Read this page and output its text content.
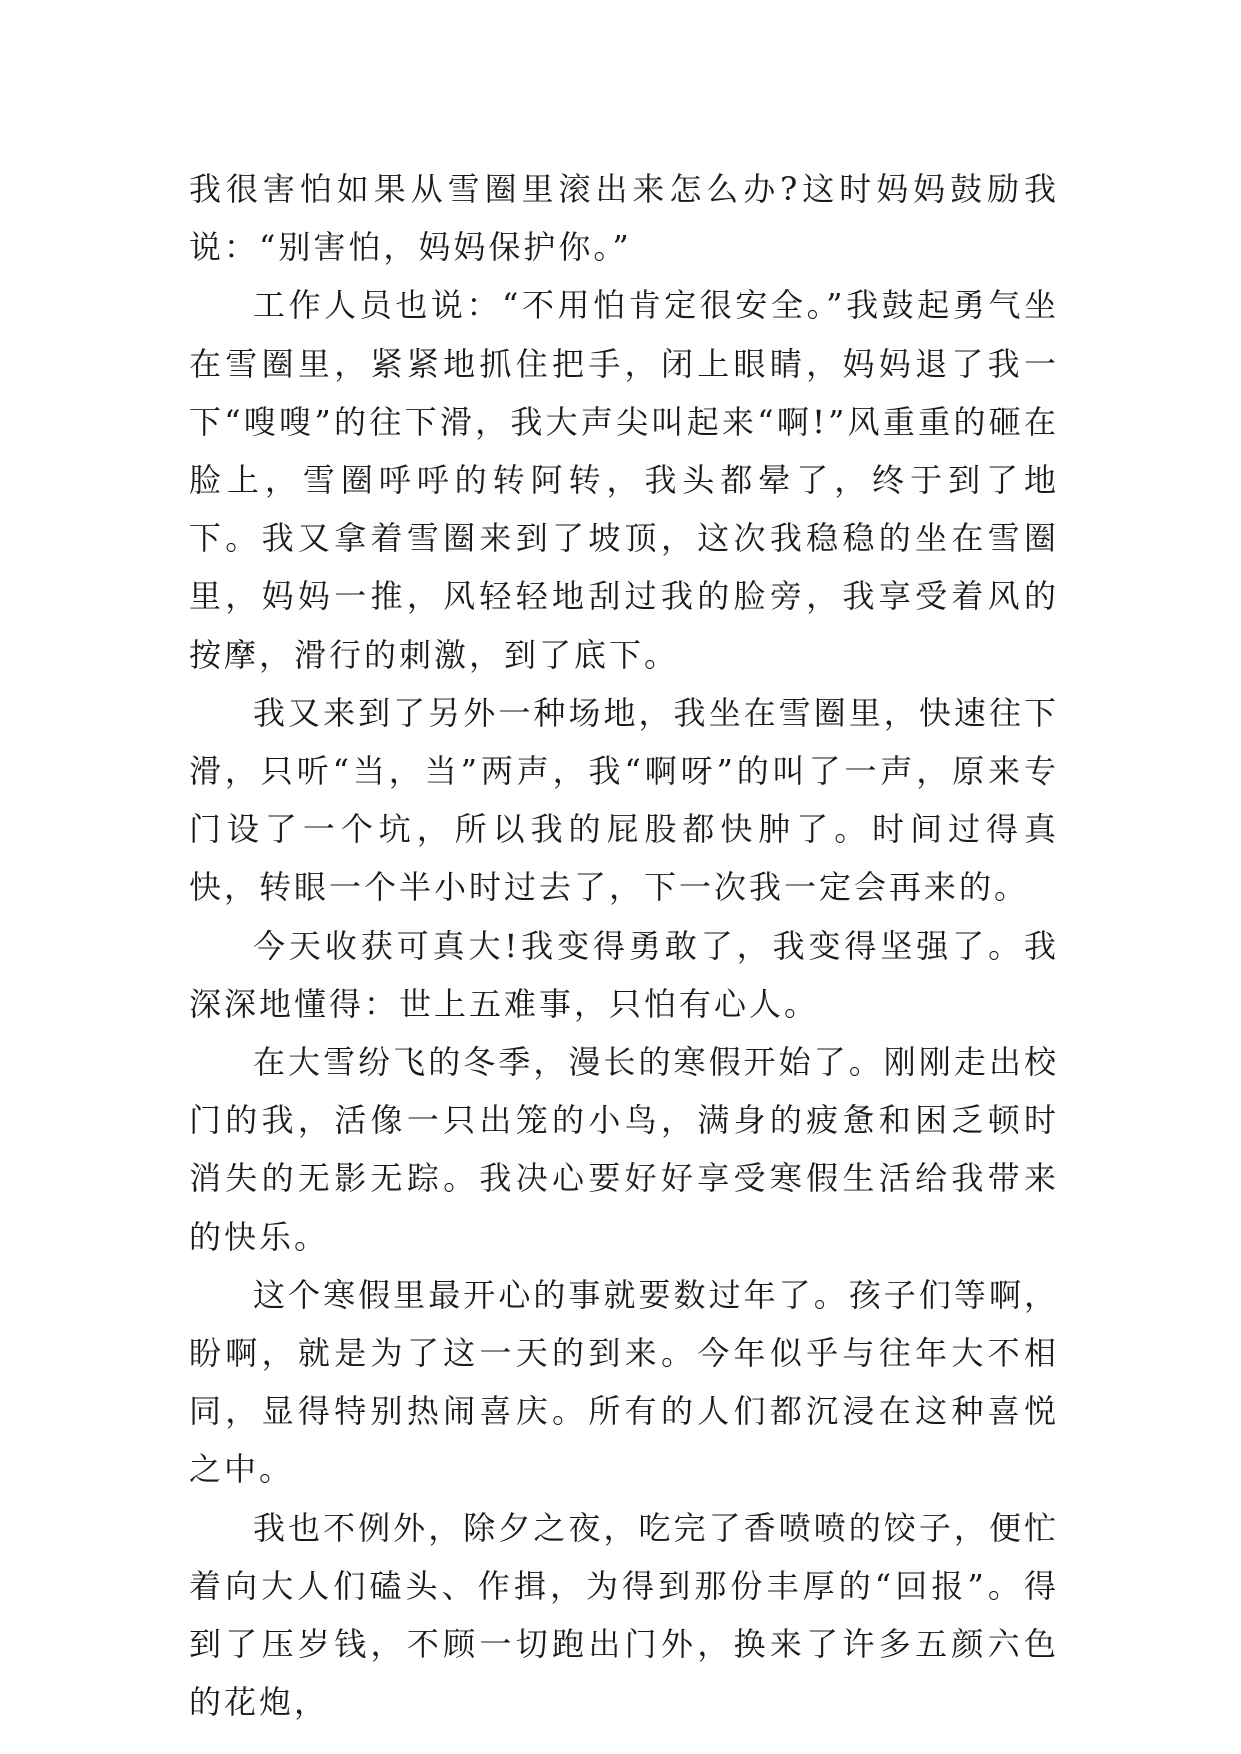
我很害怕如果从雪圈里滚出来怎么办?这时妈妈鼓励我说：“别害怕，妈妈保护你。”

工作人员也说：“不用怕肯定很安全。”我鼓起勇气坐在雪圈里，紧紧地抓住把手，闭上眼睛，妈妈退了我一下“嗖嗖”的往下滑，我大声尖叫起来“啊!”风重重的砸在脸上，雪圈呼呼的转阿转，我头都晕了，终于到了地下。我又拿着雪圈来到了坡顶，这次我稳稳的坐在雪圈里，妈妈一推，风轻轻地刮过我的脸旁，我享受着风的按摩，滑行的刺激，到了底下。

我又来到了另外一种场地，我坐在雪圈里，快速往下滑，只听“当，当”两声，我“啊呀”的叫了一声，原来专门设了一个坑，所以我的屁股都快肿了。时间过得真快，转眼一个半小时过去了，下一次我一定会再来的。

今天收获可真大!我变得勇敢了，我变得坚强了。我深深地懂得：世上五难事，只怕有心人。

在大雪纷飞的冬季，漫长的寒假开始了。刚刚走出校门的我，活像一只出笼的小鸟，满身的疲惫和困乏顿时消失的无影无踪。我决心要好好享受寒假生活给我带来的快乐。

这个寒假里最开心的事就要数过年了。孩子们等啊，盼啊，就是为了这一天的到来。今年似乎与往年大不相同，显得特别热闹喜庆。所有的人们都沉浸在这种喜悦之中。

我也不例外，除夕之夜，吃完了香喷喷的饺子，便忙着向大人们磕头、作揖，为得到那份丰厚的“回报”。得到了压岁钱，不顾一切跑出门外，换来了许多五颜六色的花炮，
